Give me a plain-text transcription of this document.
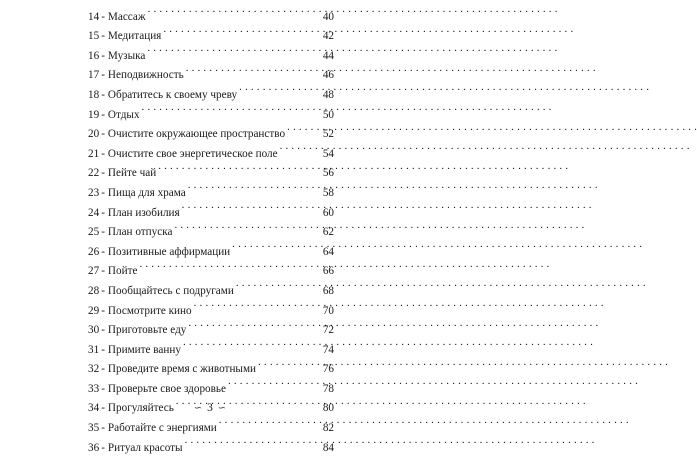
14 - Массаж . . .	40
15 - Медитация . . .	42
16 - Музыка . . .	44
17 - Неподвижность . . .	46
18 - Обратитесь к своему чреву . . .	48
19 - Отдых . . .	50
20 - Очистите окружающее пространство . . .	52
21 - Очистите свое энергетическое поле . . .	54
22 - Пейте чай . . .	56
23 - Пища для храма . . .	58
24 - План изобилия . . .	60
25 - План отпуска . . .	62
26 - Позитивные аффирмации . . .	64
27 - Пойте . . .	66
28 - Пообщайтесь с подругами . . .	68
29 - Посмотрите кино . . .	70
30 - Приготовьте еду . . .	72
31 - Примите ванну . . .	74
32 - Проведите время с животными . . .	76
33 - Проверьте свое здоровье . . .	78
34 - Прогуляйтесь . . .	80
35 - Работайте с энергиями . . .	82
36 - Ритуал красоты . . .	84
∽ 3 ∽
